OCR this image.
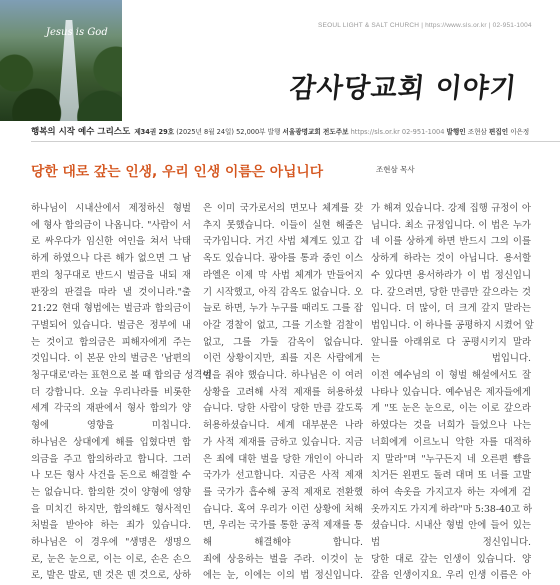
Jesus is God
SEOUL LIGHT & SALT CHURCH | https://www.sls.or.kr | 02-951-1004
감사당교회 이야기
행복의 시작 예수 그리스도 제34권 29호 (2025년 8월 24일) 52,000부 발행 서울광명교회 전도주보 https://sls.or.kr 02-951-1004 발행인 조현삼 편집인 이은정
당한 대로 갚는 인생, 우리 인생 이름은 아닙니다	조현삼 목사
하나님이 시내산에서 제정하신 형벌
에 형사 합의금이 나옵니다. "사람이 서
로 싸우다가 임신한 여인을 쳐서 낙태
하게 하였으나 다른 해가 없으면 그 남
편의 청구대로 반드시 벌금을 내되 재
판장의 판결을 따라 낼 것이니라."출
21:22 현대 형법에는 벌금과 합의금이
구별되어 있습니다. 벌금은 정부에 내
는 것이고 합의금은 피해자에게 주는
것입니다. 이 본문 안의 벌금은 '남편의
청구대로'라는 표현으로 볼 때 합의금 성격이
더 강합니다. 오늘 우리나라를 비롯한
세계 각국의 재판에서 형사 합의가 양
형에 영향을 미칩니다.
하나님은 상대에게 해를 입혔다면 합
의금을 주고 합의하라고 합니다. 그러
나 모든 형사 사건을 돈으로 해결할 수
는 없습니다. 합의한 것이 양형에 영향
을 미치긴 하지만, 합의해도 형사적인
처벌을 받아야 하는 죄가 있습니다.
하나님은 이 경우에 "생명은 생명으
로, 눈은 눈으로, 이는 이로, 손은 손으
로, 발은 발로, 덴 것은 덴 것으로, 상하
은 이미 국가로서의 면모나 체계를 갖
추지 못했습니다. 이들이 실현 해줄은
국가입니다. 거긴 사법 체계도 있고 갑
옥도 있습니다. 광야를 통과 중인 이스
라엘은 이제 막 사법 체계가 만들어지
기 시작했고, 아직 감옥도 없습니다. 오
늘로 하면, 누가 누구를 때리도 그를 잡
아갈 경찰이 없고, 그를 기소할 검찰이
없고, 그를 가둘 감옥이 없습니다.
이런 상황이지만, 죄를 지은 사람에게
벌을 줘야 했습니다. 하나님은 이 여러
상황을 고려해 사적 제재를 허용하셨
습니다. 당한 사람이 당한 만큼 갚도록
허용하셨습니다. 세계 대부분은 나라
가 사적 제재를 금하고 있습니다. 지금
은 죄에 대한 벌을 당한 개인이 아니라
국가가 선고합니다. 지금은 사적 제재
를 국가가 흡수해 공적 제재로 전환했
습니다. 혹여 우리가 이런 상황에 처해
면, 우리는 국가를 통한 공적 제재를 통
해 해결해야 합니다.
죄에 상응하는 벌을 주라. 이것이 눈
에는 눈, 이에는 이의 법 정신입니다.
가 해져 있습니다. 강제 집행 규정이 아
닙니다. 최소 규정입니다. 이 법은 누가
네 이를 상하게 하면 반드시 그의 이를
상하게 하라는 것이 아닙니다. 용서할
수 있다면 용서하라가 이 법 정신입니
다. 갚으려면, 당한 만큼만 갚으라는 것
입니다. 더 많이, 더 크게 갚지 말라는
법입니다. 이 하나를 공평하지 시켰어 앞
앞니를 아래위로 다 공평시키지 말라
는 법입니다.
이전 예수님의 이 형벌 해설에서도 잘
나타나 있습니다. 예수님은 제자들에게
게 "또 눈은 눈으로, 이는 이로 갚으라
하였다는 것을 너희가 들었으나 나는
너희에게 이르노니 악한 자를 대적하
지 말라"며 "누구든지 네 오른편 뺨을
치거든 왼편도 돌려 대며 또 너를 고발
하여 속옷을 가지고자 하는 자에게 겉
옷까지도 가지게 하라"마 5:38-40고 하
셨습니다. 시내산 형벌 안에 들어 있는
법 정신입니다.
당한 대로 갚는 인생이 있습니다. 양
갚음 인생이지요. 우리 인생 이름은 아
